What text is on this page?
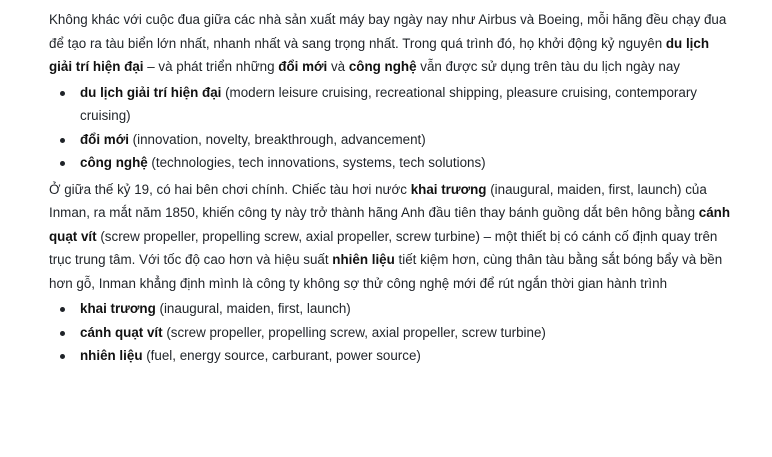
Không khác với cuộc đua giữa các nhà sản xuất máy bay ngày nay như Airbus và Boeing, mỗi hãng đều chạy đua để tạo ra tàu biển lớn nhất, nhanh nhất và sang trọng nhất. Trong quá trình đó, họ khởi động kỷ nguyên du lịch giải trí hiện đại – và phát triển những đổi mới và công nghệ vẫn được sử dụng trên tàu du lịch ngày nay

du lịch giải trí hiện đại (modern leisure cruising, recreational shipping, pleasure cruising, contemporary cruising)
đổi mới (innovation, novelty, breakthrough, advancement)
công nghệ (technologies, tech innovations, systems, tech solutions)

Ở giữa thế kỷ 19, có hai bên chơi chính. Chiếc tàu hơi nước khai trương (inaugural, maiden, first, launch) của Inman, ra mắt năm 1850, khiến công ty này trở thành hãng Anh đầu tiên thay bánh guồng dắt bên hông bằng cánh quạt vít (screw propeller, propelling screw, axial propeller, screw turbine) – một thiết bị có cánh cố định quay trên trục trung tâm. Với tốc độ cao hơn và hiệu suất nhiên liệu tiết kiệm hơn, cùng thân tàu bằng sắt bóng bẩy và bền hơn gỗ, Inman khẳng định mình là công ty không sợ thử công nghệ mới để rút ngắn thời gian hành trình

khai trương (inaugural, maiden, first, launch)
cánh quạt vít (screw propeller, propelling screw, axial propeller, screw turbine)
nhiên liệu (fuel, energy source, carburant, power source)
